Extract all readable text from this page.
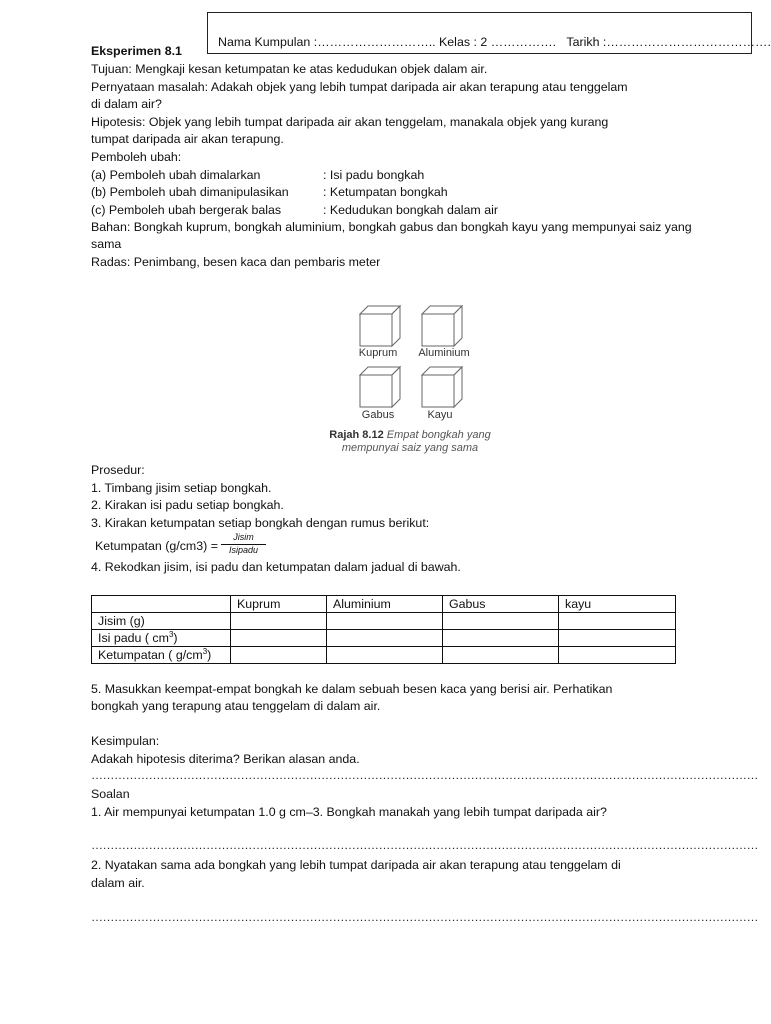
Nama Kumpulan :……………………….. Kelas : 2 …………….   Tarikh :………………………………….
Eksperimen 8.1
Tujuan: Mengkaji kesan ketumpatan ke atas kedudukan objek dalam air.
Pernyataan masalah: Adakah objek yang lebih tumpat daripada air akan terapung atau tenggelam
di dalam air?
Hipotesis: Objek yang lebih tumpat daripada air akan tenggelam, manakala objek yang kurang
tumpat daripada air akan terapung.
Pemboleh ubah:
(a) Pemboleh ubah dimalarkan	: Isi padu bongkah
(b) Pemboleh ubah dimanipulasikan	: Ketumpatan bongkah
(c) Pemboleh ubah bergerak balas	: Kedudukan bongkah dalam air
Bahan: Bongkah kuprum, bongkah aluminium, bongkah gabus dan bongkah kayu yang mempunyai saiz yang
sama
Radas: Penimbang, besen kaca dan pembaris meter
Kuprum Aluminium
Gabus	Kayu
Rajah 8.12 Empat bongkah yang
mempunyai saiz yang sama
Prosedur:
1. Timbang jisim setiap bongkah.
2. Kirakan isi padu setiap bongkah.
3. Kirakan ketumpatan setiap bongkah dengan rumus berikut:
Ketumpatan (g/cm3) =
Jisim
Isipadu
4. Rekodkan jisim, isi padu dan ketumpatan dalam jadual di bawah.
	Kuprum	Aluminium	Gabus	kayu
Jisim (g)				
Isi padu ( $cm^3$)				
Ketumpatan ( $g/cm^3$)				
5. Masukkan keempat-empat bongkah ke dalam sebuah besen kaca yang berisi air. Perhatikan
bongkah yang terapung atau tenggelam di dalam air.
Kesimpulan:
Adakah hipotesis diterima? Berikan alasan anda.
…………………………………………………………………………………………………………………………………………………………
Soalan
1. Air mempunyai ketumpatan 1.0 g cm–3. Bongkah manakah yang lebih tumpat daripada air?
…………………………………………………………………………………………………………………………………………………………
2. Nyatakan sama ada bongkah yang lebih tumpat daripada air akan terapung atau tenggelam di
dalam air.
…………………………………………………………………………………………………………………………………………………………
